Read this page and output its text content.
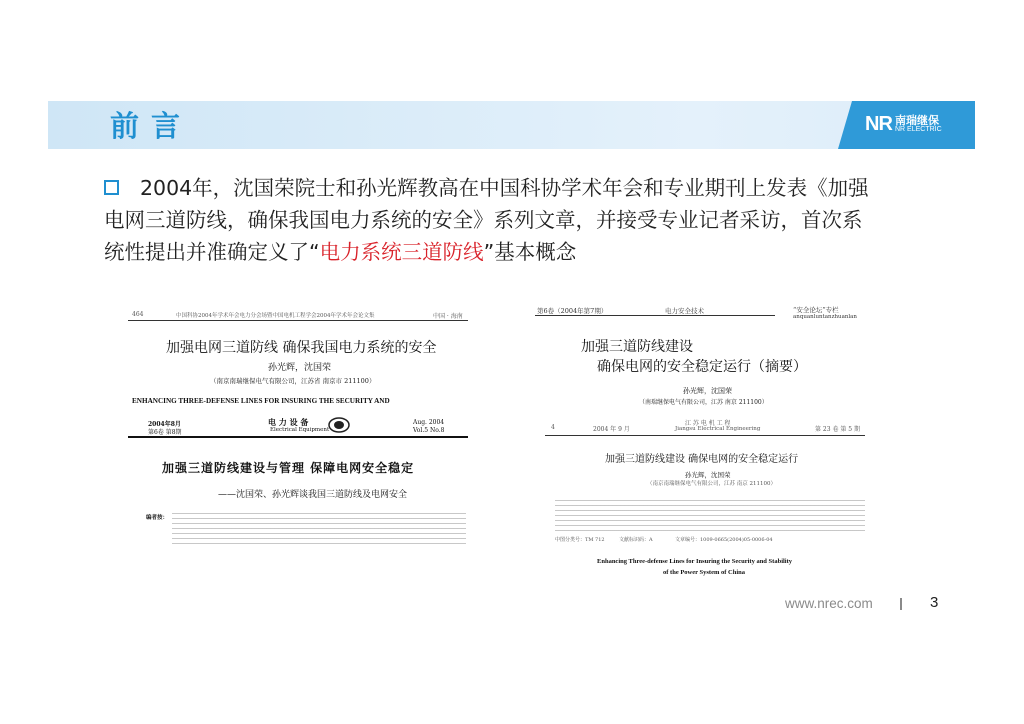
前言	NR 南瑞继保
NR ELECTRIC
2004年，沈国荣院士和孙光辉教高在中国科协学术年会和专业期刊上发表《加强
电网三道防线，确保我国电力系统的安全》系列文章，并接受专业记者采访，首次系
统性提出并准确定义了“电力系统三道防线”基本概念
464	中国科协2004年学术年会电力分会场暨中国电机工程学会2004年学术年会论文集	中国 · 海南
加强电网三道防线 确保我国电力系统的安全
孙光辉，沈国荣
（南京南瑞继保电气有限公司，江苏省 南京市 211100）
ENHANCING THREE-DEFENSE LINES FOR INSURING THE SECURITY AND
2004年8月
第6卷 第8期
电 力 设 备
Electrical Equipment
Aug. 2004
Vol.5 No.8
加强三道防线建设与管理 保障电网安全稳定
——沈国荣、孙光辉谈我国三道防线及电网安全
编者按：
第6卷（2004年第7期）	电力安全技术	“安全论坛”专栏
anquanluntanzhuanlan
加强三道防线建设
确保电网的安全稳定运行（摘要）
孙光辉，沈国荣
（南瑞继保电气有限公司，江苏 南京 211100）
4	2004 年 9 月
江 苏 电 机 工 程
Jiangsu Electrical Engineering	第 23 卷 第 5 期
加强三道防线建设 确保电网的安全稳定运行
孙光辉，沈国荣
（南京南瑞继保电气有限公司，江苏 南京 211100）
中图分类号：TM 712	文献标识码：A	文章编号：1009-0665(2004)05-0006-04
Enhancing Three-defense Lines for Insuring the Security and Stability
of the Power System of China
www.nrec.com	3
